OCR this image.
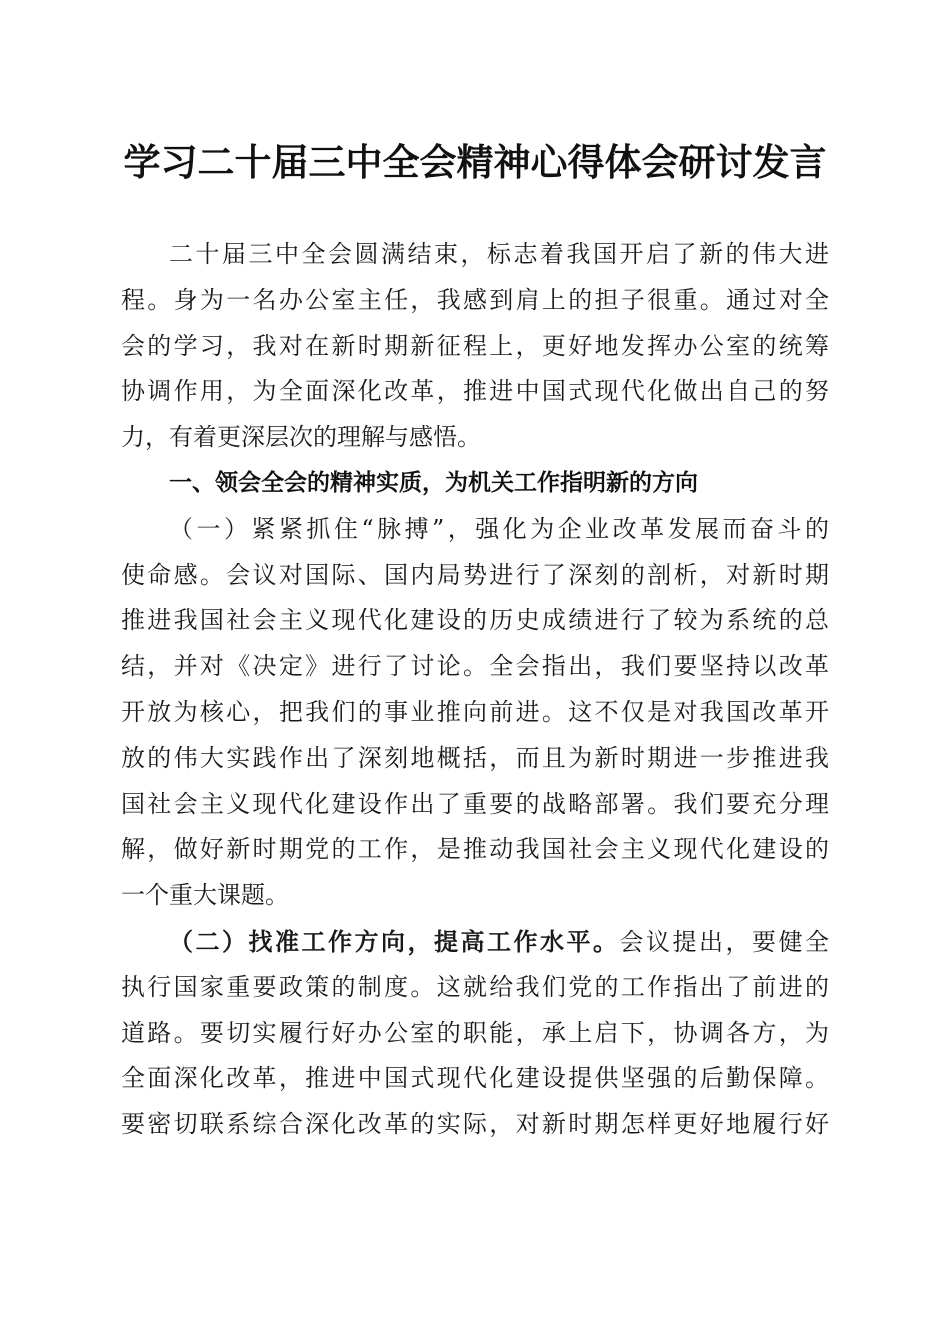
学习二十届三中全会精神心得体会研讨发言
二十届三中全会圆满结束，标志着我国开启了新的伟大进
程。身为一名办公室主任，我感到肩上的担子很重。通过对全
会的学习，我对在新时期新征程上，更好地发挥办公室的统筹
协调作用，为全面深化改革，推进中国式现代化做出自己的努
力，有着更深层次的理解与感悟。
一、领会全会的精神实质，为机关工作指明新的方向
（一）紧紧抓住“脉搏”，强化为企业改革发展而奋斗的
使命感。会议对国际、国内局势进行了深刻的剖析，对新时期
推进我国社会主义现代化建设的历史成绩进行了较为系统的总
结，并对《决定》进行了讨论。全会指出，我们要坚持以改革
开放为核心，把我们的事业推向前进。这不仅是对我国改革开
放的伟大实践作出了深刻地概括，而且为新时期进一步推进我
国社会主义现代化建设作出了重要的战略部署。我们要充分理
解，做好新时期党的工作，是推动我国社会主义现代化建设的
一个重大课题。
（二）找准工作方向，提高工作水平。会议提出，要健全
执行国家重要政策的制度。这就给我们党的工作指出了前进的
道路。要切实履行好办公室的职能，承上启下，协调各方，为
全面深化改革，推进中国式现代化建设提供坚强的后勤保障。
要密切联系综合深化改革的实际，对新时期怎样更好地履行好
